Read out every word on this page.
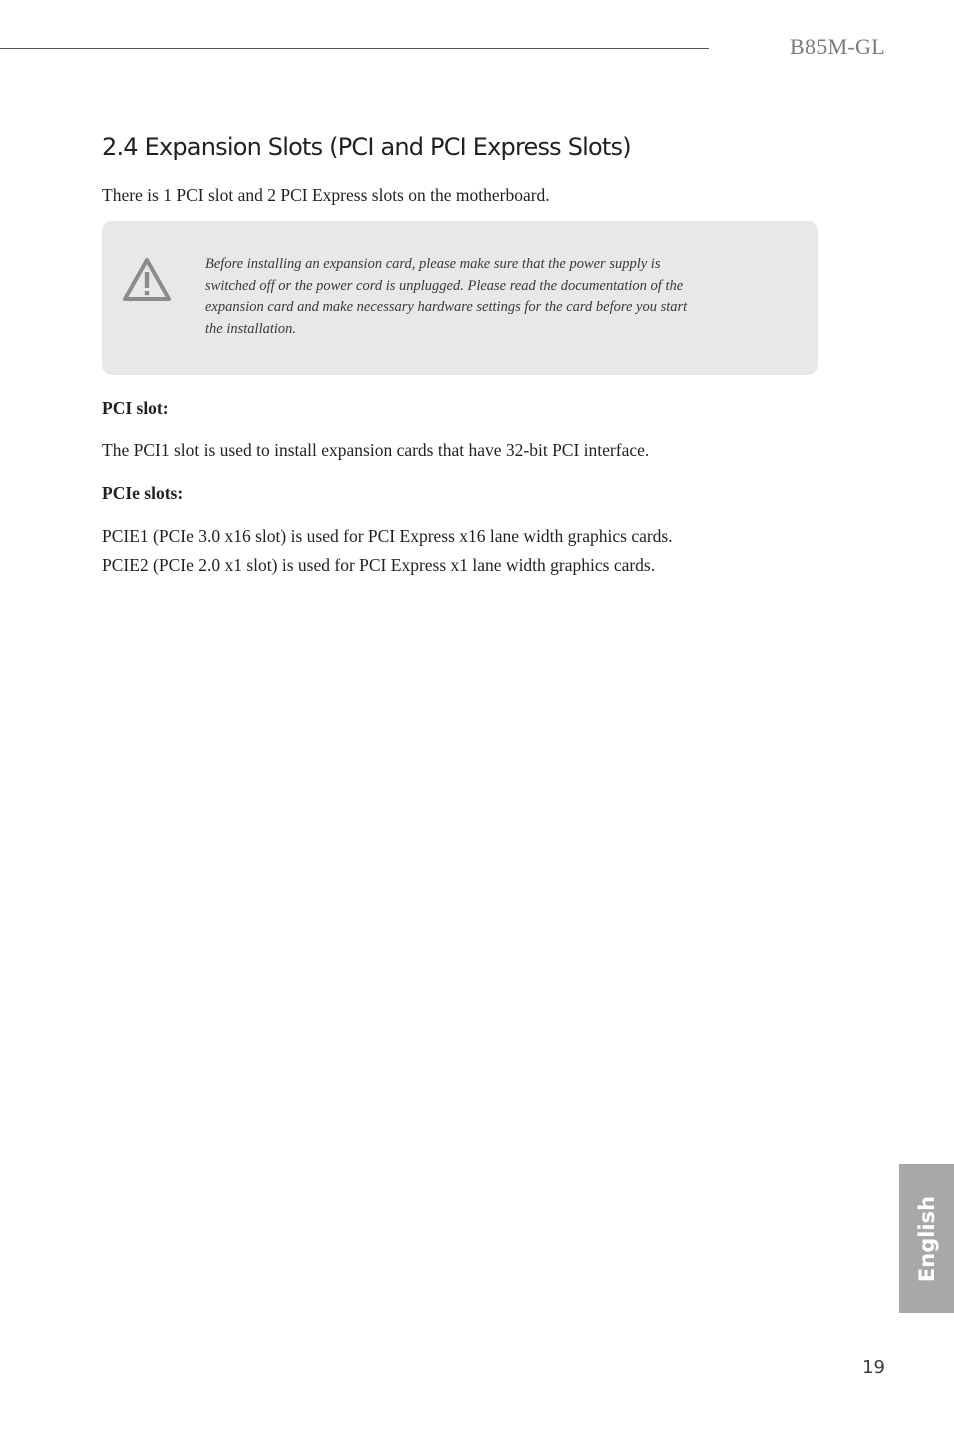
B85M-GL
2.4 Expansion Slots (PCI and PCI Express Slots)

There is 1 PCI slot and 2 PCI Express slots on the motherboard.

Before installing an expansion card, please make sure that the power supply is
switched off or the power cord is unplugged. Please read the documentation of the
expansion card and make necessary hardware settings for the card before you start
the installation.
PCI slot:
The PCI1 slot is used to install expansion cards that have 32-bit PCI interface.
PCIe slots:
PCIE1 (PCIe 3.0 x16 slot) is used for PCI Express x16 lane width graphics cards.
PCIE2 (PCIe 2.0 x1 slot) is used for PCI Express x1 lane width graphics cards.
English
19
